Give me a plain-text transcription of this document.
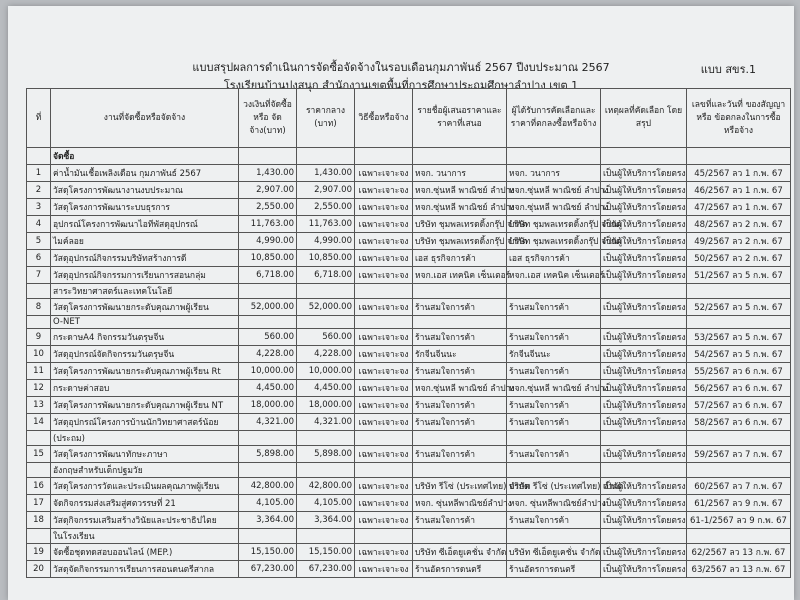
แบบสรุปผลการดำเนินการจัดซื้อจัดจ้างในรอบเดือนกุมภาพันธ์ 2567 ปีงบประมาณ 2567
โรงเรียนบ้านปงสนุก สำนักงานเขตพื้นที่การศึกษาประถมศึกษาลำปาง เขต 1
แบบ สขร.1
ที่	งานที่จัดซื้อหรือจัดจ้าง	วงเงินที่จัดซื้อหรือ จัดจ้าง(บาท)	ราคากลาง (บาท)	วิธีซื้อหรือจ้าง	รายชื่อผู้เสนอราคาและ ราคาที่เสนอ	ผู้ได้รับการคัดเลือกและ ราคาที่ตกลงซื้อหรือจ้าง	เหตุผลที่คัดเลือก โดยสรุป	เลขที่และวันที่ ของสัญญาหรือ ข้อตกลงในการซื้อหรือจ้าง
	จัดซื้อ							
1	ค่าน้ำมันเชื้อเพลิงเดือน กุมภาพันธ์ 2567	1,430.00	1,430.00	เฉพาะเจาะจง	หจก. วนาการ	หจก. วนาการ	เป็นผู้ให้บริการโดยตรง	45/2567 ลว 1 ก.พ. 67
2	วัสดุโครงการพัฒนางานงบประมาณ	2,907.00	2,907.00	เฉพาะเจาะจง	หจก.ซุ่นหลี พาณิชย์ ลำปาง	หจก.ซุ่นหลี พาณิชย์ ลำปาง	เป็นผู้ให้บริการโดยตรง	46/2567 ลว 1 ก.พ. 67
3	วัสดุโครงการพัฒนาระบบธุรการ	2,550.00	2,550.00	เฉพาะเจาะจง	หจก.ซุ่นหลี พาณิชย์ ลำปาง	หจก.ซุ่นหลี พาณิชย์ ลำปาง	เป็นผู้ให้บริการโดยตรง	47/2567 ลว 1 ก.พ. 67
4	อุปกรณ์โครงการพัฒนาไอทีพัสดุอุปกรณ์	11,763.00	11,763.00	เฉพาะเจาะจง	บริษัท ชุมพลเทรดดิ้งกรุ๊ป จำกัด	บริษัท ชุมพลเทรดดิ้งกรุ๊ป จำกัด	เป็นผู้ให้บริการโดยตรง	48/2567 ลว 2 ก.พ. 67
5	ไมค์ลอย	4,990.00	4,990.00	เฉพาะเจาะจง	บริษัท ชุมพลเทรดดิ้งกรุ๊ป จำกัด	บริษัท ชุมพลเทรดดิ้งกรุ๊ป จำกัด	เป็นผู้ให้บริการโดยตรง	49/2567 ลว 2 ก.พ. 67
6	วัสดุอุปกรณ์กิจกรรมบริษัทสร้างการดี	10,850.00	10,850.00	เฉพาะเจาะจง	เอส ธุรกิจการค้า	เอส ธุรกิจการค้า	เป็นผู้ให้บริการโดยตรง	50/2567 ลว 2 ก.พ. 67
7	วัสดุอุปกรณ์กิจกรรมการเรียนการสอนกลุ่ม	6,718.00	6,718.00	เฉพาะเจาะจง	หจก.เอส เทคนิค เซ็นเตอร์	หจก.เอส เทคนิค เซ็นเตอร์	เป็นผู้ให้บริการโดยตรง	51/2567 ลว 5 ก.พ. 67
	สาระวิทยาศาสตร์และเทคโนโลยี							
8	วัสดุโครงการพัฒนายกระดับคุณภาพผู้เรียน	52,000.00	52,000.00	เฉพาะเจาะจง	ร้านสมใจการค้า	ร้านสมใจการค้า	เป็นผู้ให้บริการโดยตรง	52/2567 ลว 5 ก.พ. 67
	O-NET							
9	กระดาษA4 กิจกรรมวันตรุษจีน	560.00	560.00	เฉพาะเจาะจง	ร้านสมใจการค้า	ร้านสมใจการค้า	เป็นผู้ให้บริการโดยตรง	53/2567 ลว 5 ก.พ. 67
10	วัสดุอุปกรณ์จัดกิจกรรมวันตรุษจีน	4,228.00	4,228.00	เฉพาะเจาะจง	รักจีนจีนนะ	รักจีนจีนนะ	เป็นผู้ให้บริการโดยตรง	54/2567 ลว 5 ก.พ. 67
11	วัสดุโครงการพัฒนายกระดับคุณภาพผู้เรียน Rt	10,000.00	10,000.00	เฉพาะเจาะจง	ร้านสมใจการค้า	ร้านสมใจการค้า	เป็นผู้ให้บริการโดยตรง	55/2567 ลว 6 ก.พ. 67
12	กระดาษค่าสอบ	4,450.00	4,450.00	เฉพาะเจาะจง	หจก.ซุ่นหลี พาณิชย์ ลำปาง	หจก.ซุ่นหลี พาณิชย์ ลำปาง	เป็นผู้ให้บริการโดยตรง	56/2567 ลว 6 ก.พ. 67
13	วัสดุโครงการพัฒนายกระดับคุณภาพผู้เรียน NT	18,000.00	18,000.00	เฉพาะเจาะจง	ร้านสมใจการค้า	ร้านสมใจการค้า	เป็นผู้ให้บริการโดยตรง	57/2567 ลว 6 ก.พ. 67
14	วัสดุอุปกรณ์โครงการบ้านนักวิทยาศาสตร์น้อย	4,321.00	4,321.00	เฉพาะเจาะจง	ร้านสมใจการค้า	ร้านสมใจการค้า	เป็นผู้ให้บริการโดยตรง	58/2567 ลว 6 ก.พ. 67
	(ประถม)							
15	วัสดุโครงการพัฒนาทักษะภาษา	5,898.00	5,898.00	เฉพาะเจาะจง	ร้านสมใจการค้า	ร้านสมใจการค้า	เป็นผู้ให้บริการโดยตรง	59/2567 ลว 7 ก.พ. 67
	อังกฤษสำหรับเด็กปฐมวัย							
16	วัสดุโครงการวัดและประเมินผลคุณภาพผู้เรียน	42,800.00	42,800.00	เฉพาะเจาะจง	บริษัท รีโซ่ (ประเทศไทย) จำกัด	บริษัท รีโซ่ (ประเทศไทย) จำกัด	เป็นผู้ให้บริการโดยตรง	60/2567 ลว 7 ก.พ. 67
17	จัดกิจกรรมส่งเสริมสู่ศตวรรษที่ 21	4,105.00	4,105.00	เฉพาะเจาะจง	หจก. ซุ่นหลีพาณิชย์ลำปาง	หจก. ซุ่นหลีพาณิชย์ลำปาง	เป็นผู้ให้บริการโดยตรง	61/2567 ลว 9 ก.พ. 67
18	วัสดุกิจกรรมเสริมสร้างวินัยและประชาธิปไตย	3,364.00	3,364.00	เฉพาะเจาะจง	ร้านสมใจการค้า	ร้านสมใจการค้า	เป็นผู้ให้บริการโดยตรง	61-1/2567 ลว 9 ก.พ. 67
	ในโรงเรียน							
19	จัดซื้อชุดทดสอบออนไลน์ (MEP.)	15,150.00	15,150.00	เฉพาะเจาะจง	บริษัท ซีเอ็ดยูเคชั่น จำกัด	บริษัท ซีเอ็ดยูเคชั่น จำกัด	เป็นผู้ให้บริการโดยตรง	62/2567 ลว 13 ก.พ. 67
20	วัสดุจัดกิจกรรมการเรียนการสอนดนตรีสากล	67,230.00	67,230.00	เฉพาะเจาะจง	ร้านอัตรการดนตรี	ร้านอัตรการดนตรี	เป็นผู้ให้บริการโดยตรง	63/2567 ลว 13 ก.พ. 67
